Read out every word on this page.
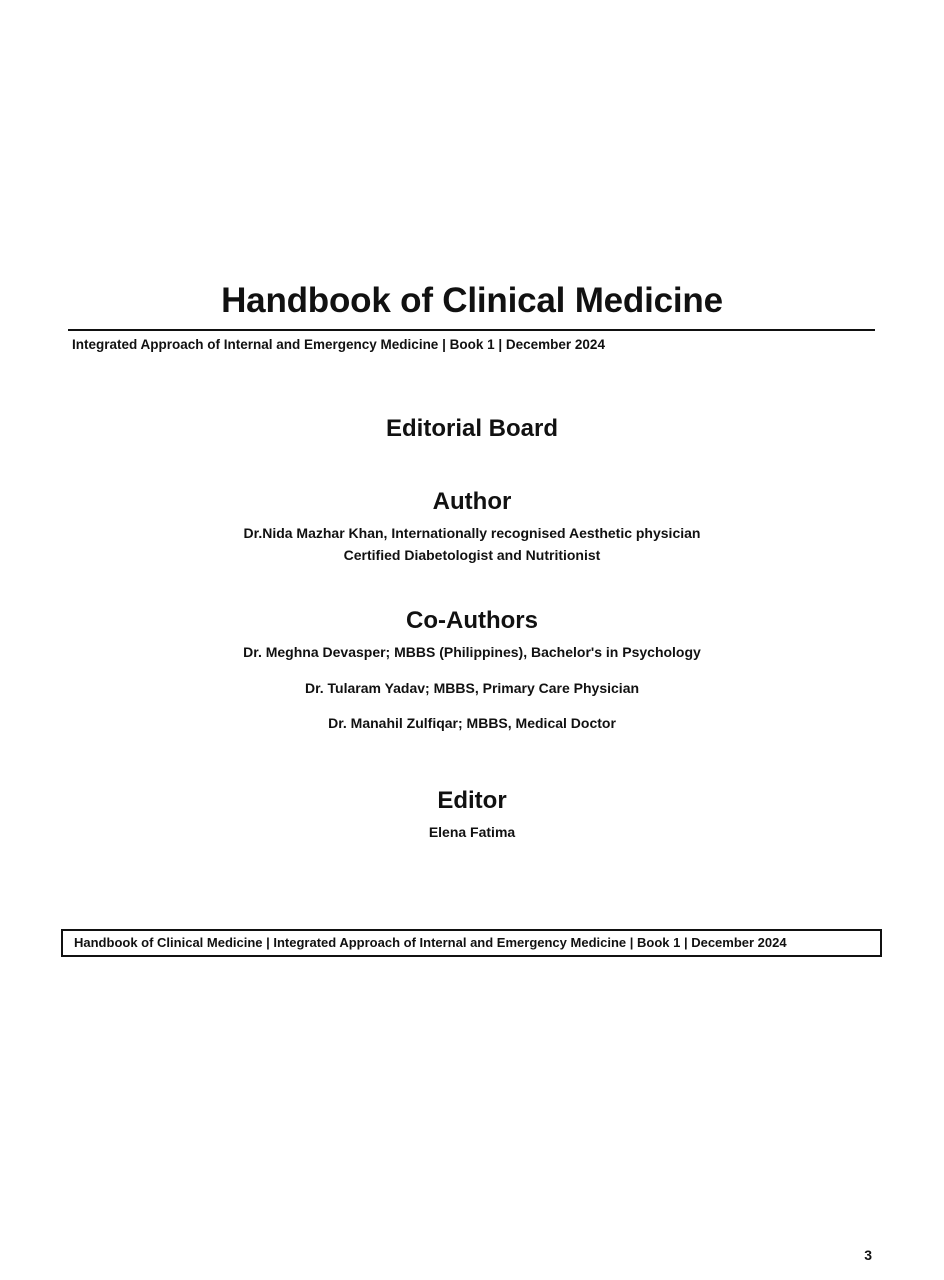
Handbook of Clinical Medicine
Integrated Approach of Internal and Emergency Medicine | Book 1 | December 2024
Editorial Board
Author
Dr.Nida Mazhar Khan, Internationally recognised Aesthetic physician
Certified Diabetologist and Nutritionist
Co-Authors
Dr. Meghna Devasper; MBBS (Philippines), Bachelor's in Psychology
Dr. Tularam Yadav; MBBS, Primary Care Physician
Dr. Manahil Zulfiqar; MBBS, Medical Doctor
Editor
Elena Fatima
Handbook of Clinical Medicine | Integrated Approach of Internal and Emergency Medicine | Book 1 | December 2024
3
